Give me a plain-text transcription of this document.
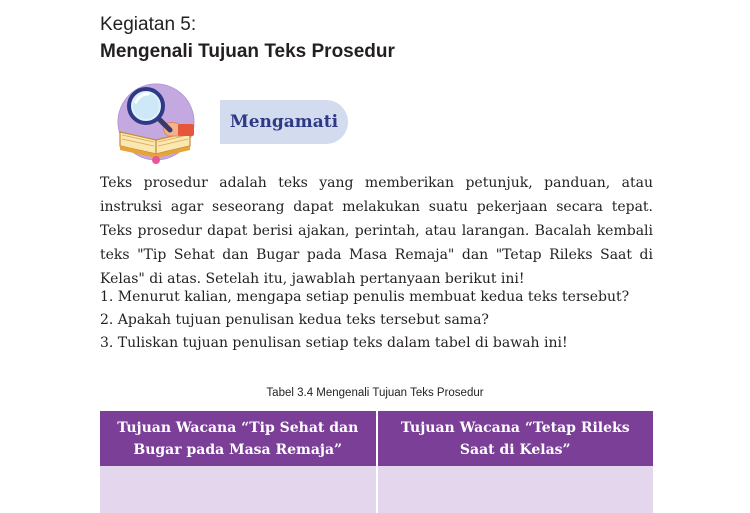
Kegiatan 5:
Mengenali Tujuan Teks Prosedur
Mengamati

Teks prosedur adalah teks yang memberikan petunjuk, panduan, atau instruksi agar seseorang dapat melakukan suatu pekerjaan secara tepat. Teks prosedur dapat berisi ajakan, perintah, atau larangan. Bacalah kembali teks "Tip Sehat dan Bugar pada Masa Remaja" dan "Tetap Rileks Saat di Kelas" di atas. Setelah itu, jawablah pertanyaan berikut ini!

1. Menurut kalian, mengapa setiap penulis membuat kedua teks tersebut?
2. Apakah tujuan penulisan kedua teks tersebut sama?
3. Tuliskan tujuan penulisan setiap teks dalam tabel di bawah ini!
Tabel 3.4 Mengenali Tujuan Teks Prosedur
Tujuan Wacana “Tip Sehat dan Bugar pada Masa Remaja”	Tujuan Wacana “Tetap Rileks Saat di Kelas”
